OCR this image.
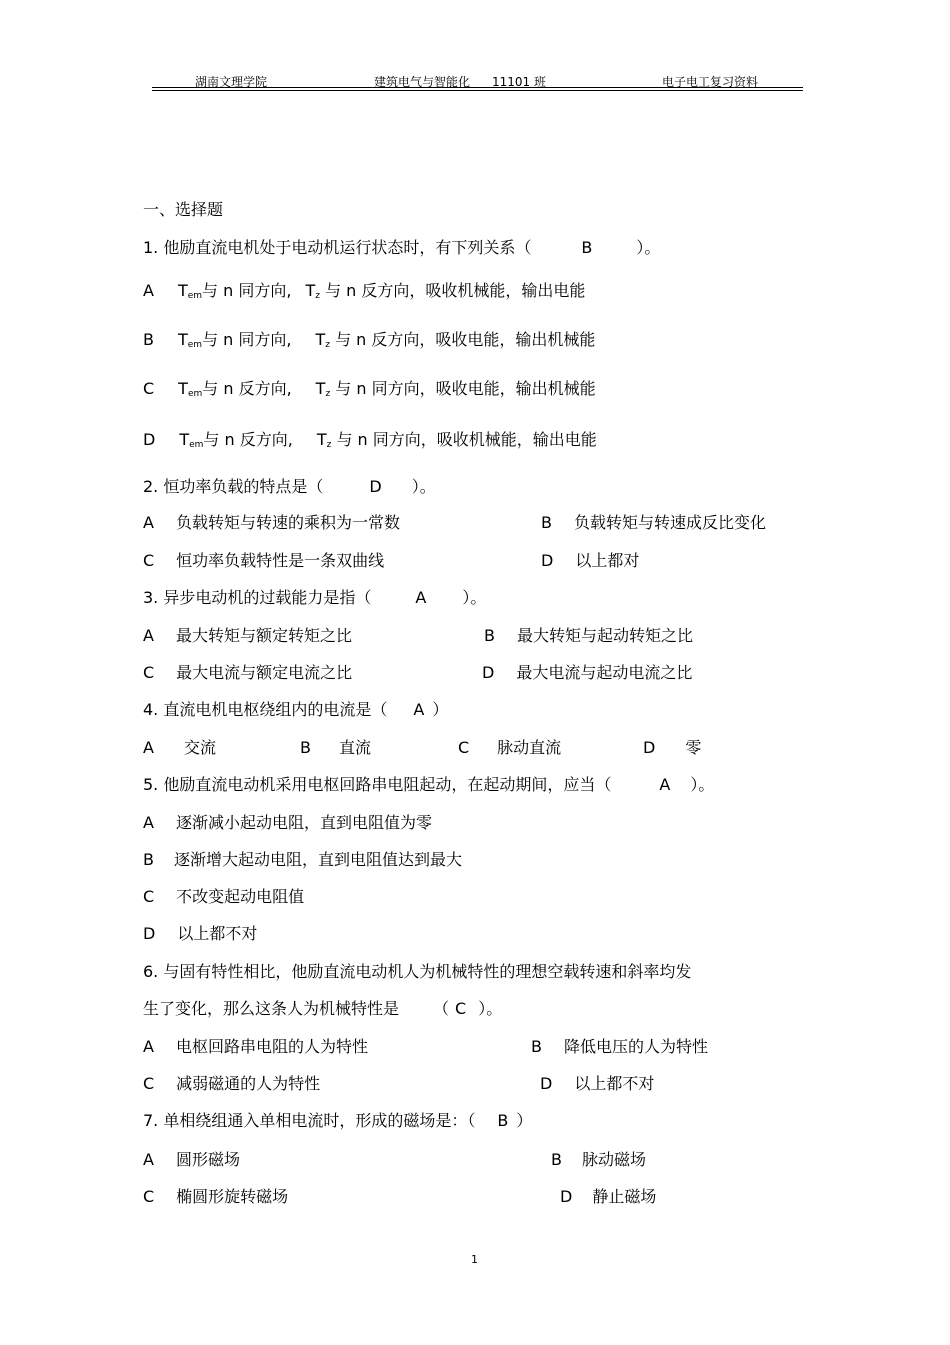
湖南文理学院	建筑电气与智能化 11101 班	电子电工复习资料
一、选择题
1. 他励直流电机处于电动机运行状态时，有下列关系（	B	）。
A $T_{em}$与 n 同方向, $T_z$ 与 n 反方向，吸收机械能，输出电能
B $T_{em}$与 n 同方向, $T_z$ 与 n 反方向，吸收电能，输出机械能
C $T_{em}$与 n 反方向, $T_z$ 与 n 同方向，吸收电能，输出机械能
D $T_{em}$与 n 反方向, $T_z$ 与 n 同方向，吸收机械能，输出电能
2. 恒功率负载的特点是（	D ）。
A 负载转矩与转速的乘积为一常数	B 负载转矩与转速成反比变化
C 恒功率负载特性是一条双曲线	D 以上都对
3. 异步电动机的过载能力是指（	A ）。
A 最大转矩与额定转矩之比	B 最大转矩与起动转矩之比
C 最大电流与额定电流之比	D 最大电流与起动电流之比
4. 直流电机电枢绕组内的电流是（ A ）
A 交流	B 直流	C 脉动直流	D 零
5. 他励直流电动机采用电枢回路串电阻起动，在起动期间，应当（	A ）。
A 逐渐减小起动电阻，直到电阻值为零
B 逐渐增大起动电阻，直到电阻值达到最大
C 不改变起动电阻值
D 以上都不对
6. 与固有特性相比，他励直流电动机人为机械特性的理想空载转速和斜率均发
生了变化，那么这条人为机械特性是 （ C ）。
A 电枢回路串电阻的人为特性	B 降低电压的人为特性
C 减弱磁通的人为特性	D 以上都不对
7. 单相绕组通入单相电流时，形成的磁场是：（ B ）
A 圆形磁场	B 脉动磁场
C 椭圆形旋转磁场	D 静止磁场
1
